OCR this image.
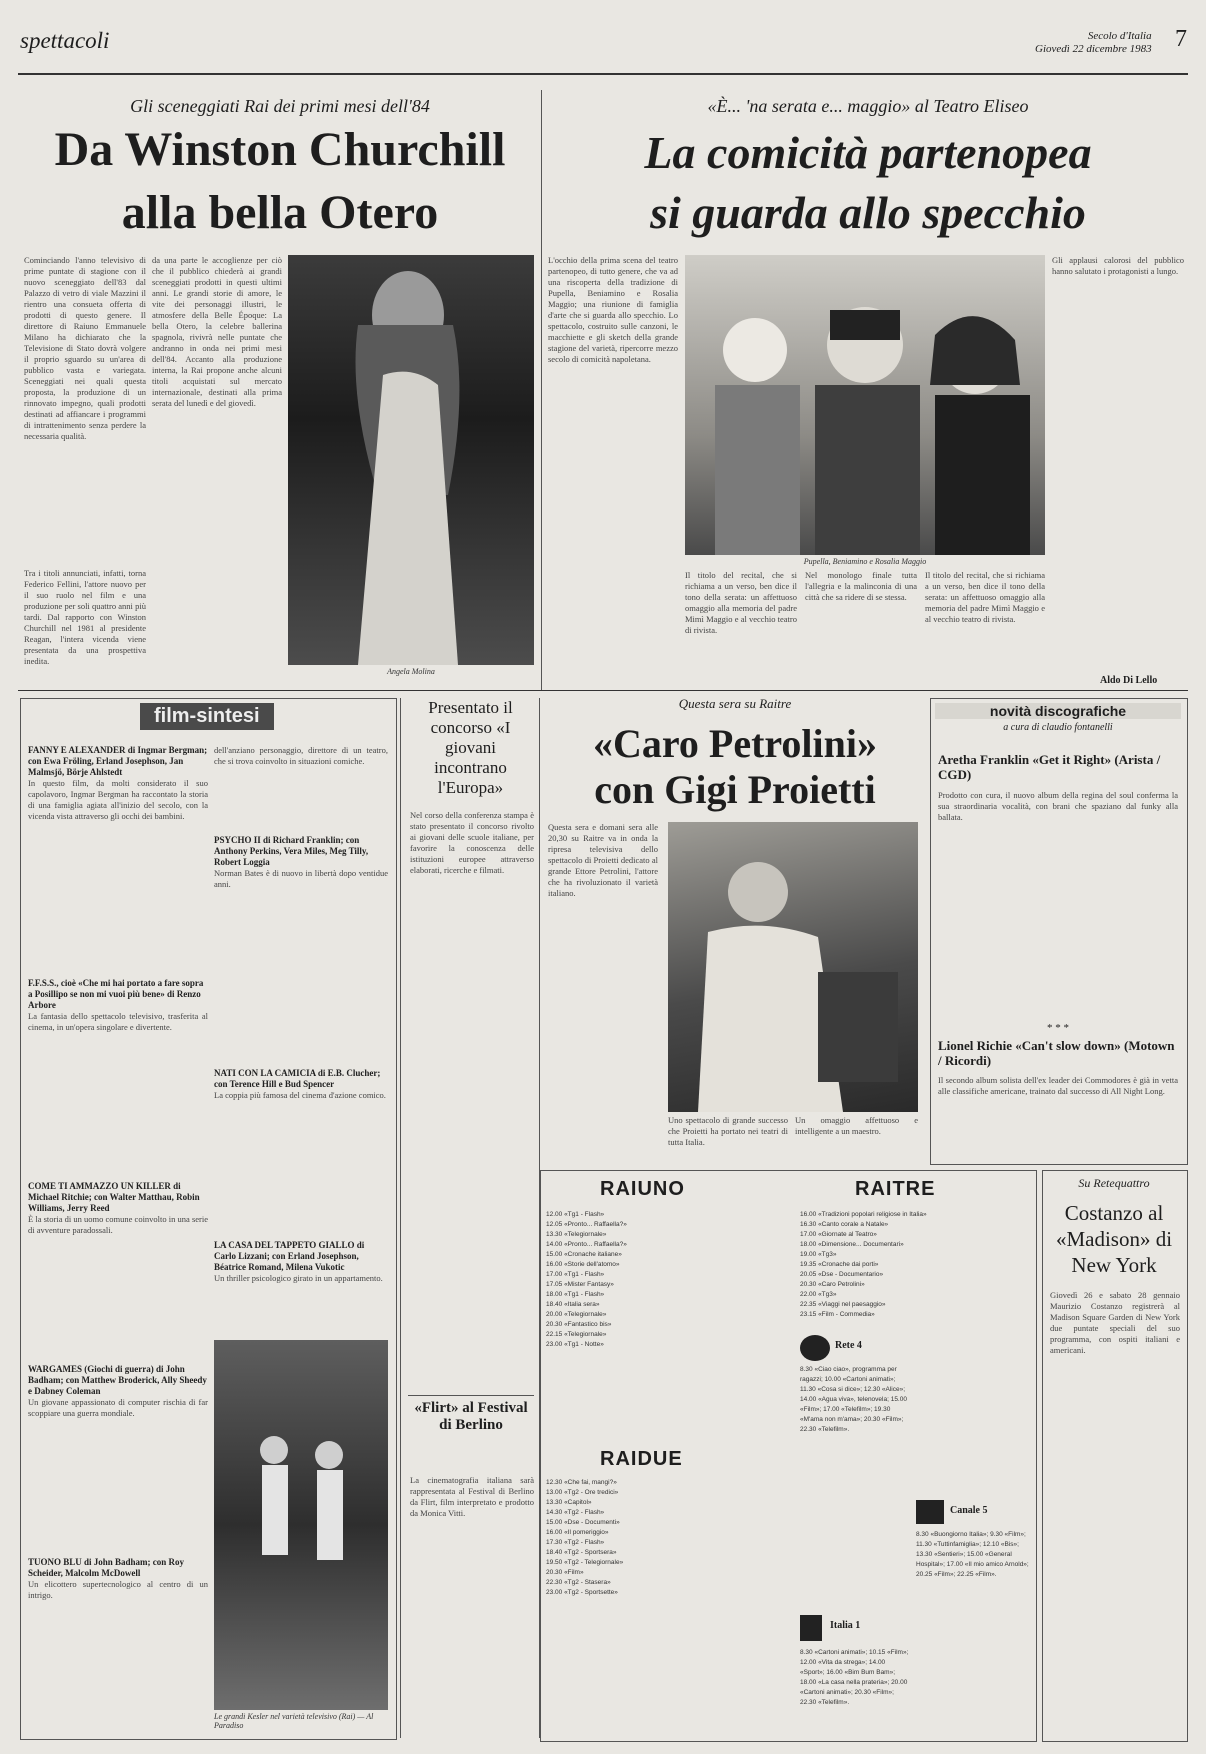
spettacoli	Secolo d'Italia
Giovedì 22 dicembre 1983 7
Gli sceneggiati Rai dei primi mesi dell'84
Da Winston Churchill
alla bella Otero
Cominciando l'anno televisivo di prime puntate di stagione con il nuovo sceneggiato dell'83 dal Palazzo di vetro di viale Mazzini il rientro una consueta offerta di prodotti di questo genere. Il direttore di Raiuno Emmanuele Milano ha dichiarato che la Televisione di Stato dovrà volgere il proprio sguardo su un'area di pubblico vasta e variegata. Sceneggiati nei quali questa proposta, la produzione di un rinnovato impegno, quali prodotti destinati ad affiancare i programmi di intrattenimento senza perdere la necessaria qualità.
Tra i titoli annunciati, infatti, torna Federico Fellini, l'attore nuovo per il suo ruolo nel film e una produzione per soli quattro anni più tardi. Dal rapporto con Winston Churchill nel 1981 al presidente Reagan, l'intera vicenda viene presentata da una prospettiva inedita.
da una parte le accoglienze per ciò che il pubblico chiederà ai grandi sceneggiati prodotti in questi ultimi anni. Le grandi storie di amore, le vite dei personaggi illustri, le atmosfere della Belle Époque: La bella Otero, la celebre ballerina spagnola, rivivrà nelle puntate che andranno in onda nei primi mesi dell'84. Accanto alla produzione interna, la Rai propone anche alcuni titoli acquistati sul mercato internazionale, destinati alla prima serata del lunedì e del giovedì.
Angela Molina
«È... 'na serata e... maggio» al Teatro Eliseo
La comicità partenopea
si guarda allo specchio
L'occhio della prima scena del teatro partenopeo, di tutto genere, che va ad una riscoperta della tradizione di Pupella, Beniamino e Rosalia Maggio; una riunione di famiglia d'arte che si guarda allo specchio. Lo spettacolo, costruito sulle canzoni, le macchiette e gli sketch della grande stagione del varietà, ripercorre mezzo secolo di comicità napoletana.
Pupella, Beniamino e Rosalia Maggio
Gli applausi calorosi del pubblico hanno salutato i protagonisti a lungo.
Il titolo del recital, che si richiama a un verso, ben dice il tono della serata: un affettuoso omaggio alla memoria del padre Mimì Maggio e al vecchio teatro di rivista.
Nel monologo finale tutta l'allegria e la malinconia di una città che sa ridere di se stessa.
Il titolo del recital, che si richiama a un verso, ben dice il tono della serata: un affettuoso omaggio alla memoria del padre Mimì Maggio e al vecchio teatro di rivista.
Aldo Di Lello
film-sintesi
FANNY E ALEXANDER di Ingmar Bergman; con Ewa Fröling, Erland Josephson, Jan Malmsjö, Börje Ahlstedt
In questo film, da molti considerato il suo capolavoro, Ingmar Bergman ha raccontato la storia di una famiglia agiata all'inizio del secolo, con la vicenda vista attraverso gli occhi dei bambini.
F.F.S.S., cioè «Che mi hai portato a fare sopra a Posillipo se non mi vuoi più bene» di Renzo Arbore
La fantasia dello spettacolo televisivo, trasferita al cinema, in un'opera singolare e divertente.
COME TI AMMAZZO UN KILLER di Michael Ritchie; con Walter Matthau, Robin Williams, Jerry Reed
È la storia di un uomo comune coinvolto in una serie di avventure paradossali.
WARGAMES (Giochi di guerra) di John Badham; con Matthew Broderick, Ally Sheedy e Dabney Coleman
Un giovane appassionato di computer rischia di far scoppiare una guerra mondiale.
TUONO BLU di John Badham; con Roy Scheider, Malcolm McDowell
Un elicottero supertecnologico al centro di un intrigo.
dell'anziano personaggio, direttore di un teatro, che si trova coinvolto in situazioni comiche.
PSYCHO II di Richard Franklin; con Anthony Perkins, Vera Miles, Meg Tilly, Robert Loggia
Norman Bates è di nuovo in libertà dopo ventidue anni.
NATI CON LA CAMICIA di E.B. Clucher; con Terence Hill e Bud Spencer
La coppia più famosa del cinema d'azione comico.
LA CASA DEL TAPPETO GIALLO di Carlo Lizzani; con Erland Josephson, Béatrice Romand, Milena Vukotic
Un thriller psicologico girato in un appartamento.
Le grandi Kesler nel varietà televisivo (Rai) — Al Paradiso
Presentato il concorso «I giovani incontrano l'Europa»
Nel corso della conferenza stampa è stato presentato il concorso rivolto ai giovani delle scuole italiane, per favorire la conoscenza delle istituzioni europee attraverso elaborati, ricerche e filmati.
«Flirt» al Festival di Berlino
La cinematografia italiana sarà rappresentata al Festival di Berlino da Flirt, film interpretato e prodotto da Monica Vitti.
Questa sera su Raitre
«Caro Petrolini»
con Gigi Proietti
Questa sera e domani sera alle 20,30 su Raitre va in onda la ripresa televisiva dello spettacolo di Proietti dedicato al grande Ettore Petrolini, l'attore che ha rivoluzionato il varietà italiano.
Uno spettacolo di grande successo che Proietti ha portato nei teatri di tutta Italia.
Un omaggio affettuoso e intelligente a un maestro.
novità discografiche
a cura di claudio fontanelli
Aretha Franklin «Get it Right» (Arista / CGD)
Prodotto con cura, il nuovo album della regina del soul conferma la sua straordinaria vocalità, con brani che spaziano dal funky alla ballata.
* * *
Lionel Richie «Can't slow down» (Motown / Ricordi)
Il secondo album solista dell'ex leader dei Commodores è già in vetta alle classifiche americane, trainato dal successo di All Night Long.
RAIUNO	RAITRE
12.00 «Tg1 - Flash»
12.05 «Pronto... Raffaella?»
13.30 «Telegiornale»
14.00 «Pronto... Raffaella?»
15.00 «Cronache italiane»
16.00 «Storie dell'atomo»
17.00 «Tg1 - Flash»
17.05 «Mister Fantasy»
18.00 «Tg1 - Flash»
18.40 «Italia sera»
20.00 «Telegiornale»
20.30 «Fantastico bis»
22.15 «Telegiornale»
23.00 «Tg1 - Notte»
16.00 «Tradizioni popolari religiose in Italia»
16.30 «Canto corale a Natale»
17.00 «Giornate al Teatro»
18.00 «Dimensione... Documentari»
19.00 «Tg3»
19.35 «Cronache dai porti»
20.05 «Dse - Documentario»
20.30 «Caro Petrolini»
22.00 «Tg3»
22.35 «Viaggi nel paesaggio»
23.15 «Film - Commedia»
RAIDUE
12.30 «Che fai, mangi?»
13.00 «Tg2 - Ore tredici»
13.30 «Capitol»
14.30 «Tg2 - Flash»
15.00 «Dse - Documenti»
16.00 «Il pomeriggio»
17.30 «Tg2 - Flash»
18.40 «Tg2 - Sportsera»
19.50 «Tg2 - Telegiornale»
20.30 «Film»
22.30 «Tg2 - Stasera»
23.00 «Tg2 - Sportsette»
Rete 4
8.30 «Ciao ciao», programma per ragazzi; 10.00 «Cartoni animati»; 11.30 «Cosa si dice»; 12.30 «Alice»; 14.00 «Agua viva», telenovela; 15.00 «Film»; 17.00 «Telefilm»; 19.30 «M'ama non m'ama»; 20.30 «Film»; 22.30 «Telefilm».
Canale 5
8.30 «Buongiorno Italia»; 9.30 «Film»; 11.30 «Tuttinfamiglia»; 12.10 «Bis»; 13.30 «Sentieri»; 15.00 «General Hospital»; 17.00 «Il mio amico Arnold»; 20.25 «Film»; 22.25 «Film».
Italia 1
8.30 «Cartoni animati»; 10.15 «Film»; 12.00 «Vita da strega»; 14.00 «Sport»; 16.00 «Bim Bum Bam»; 18.00 «La casa nella prateria»; 20.00 «Cartoni animati»; 20.30 «Film»; 22.30 «Telefilm».
Su Retequattro
Costanzo al «Madison» di New York
Giovedì 26 e sabato 28 gennaio Maurizio Costanzo registrerà al Madison Square Garden di New York due puntate speciali del suo programma, con ospiti italiani e americani.
